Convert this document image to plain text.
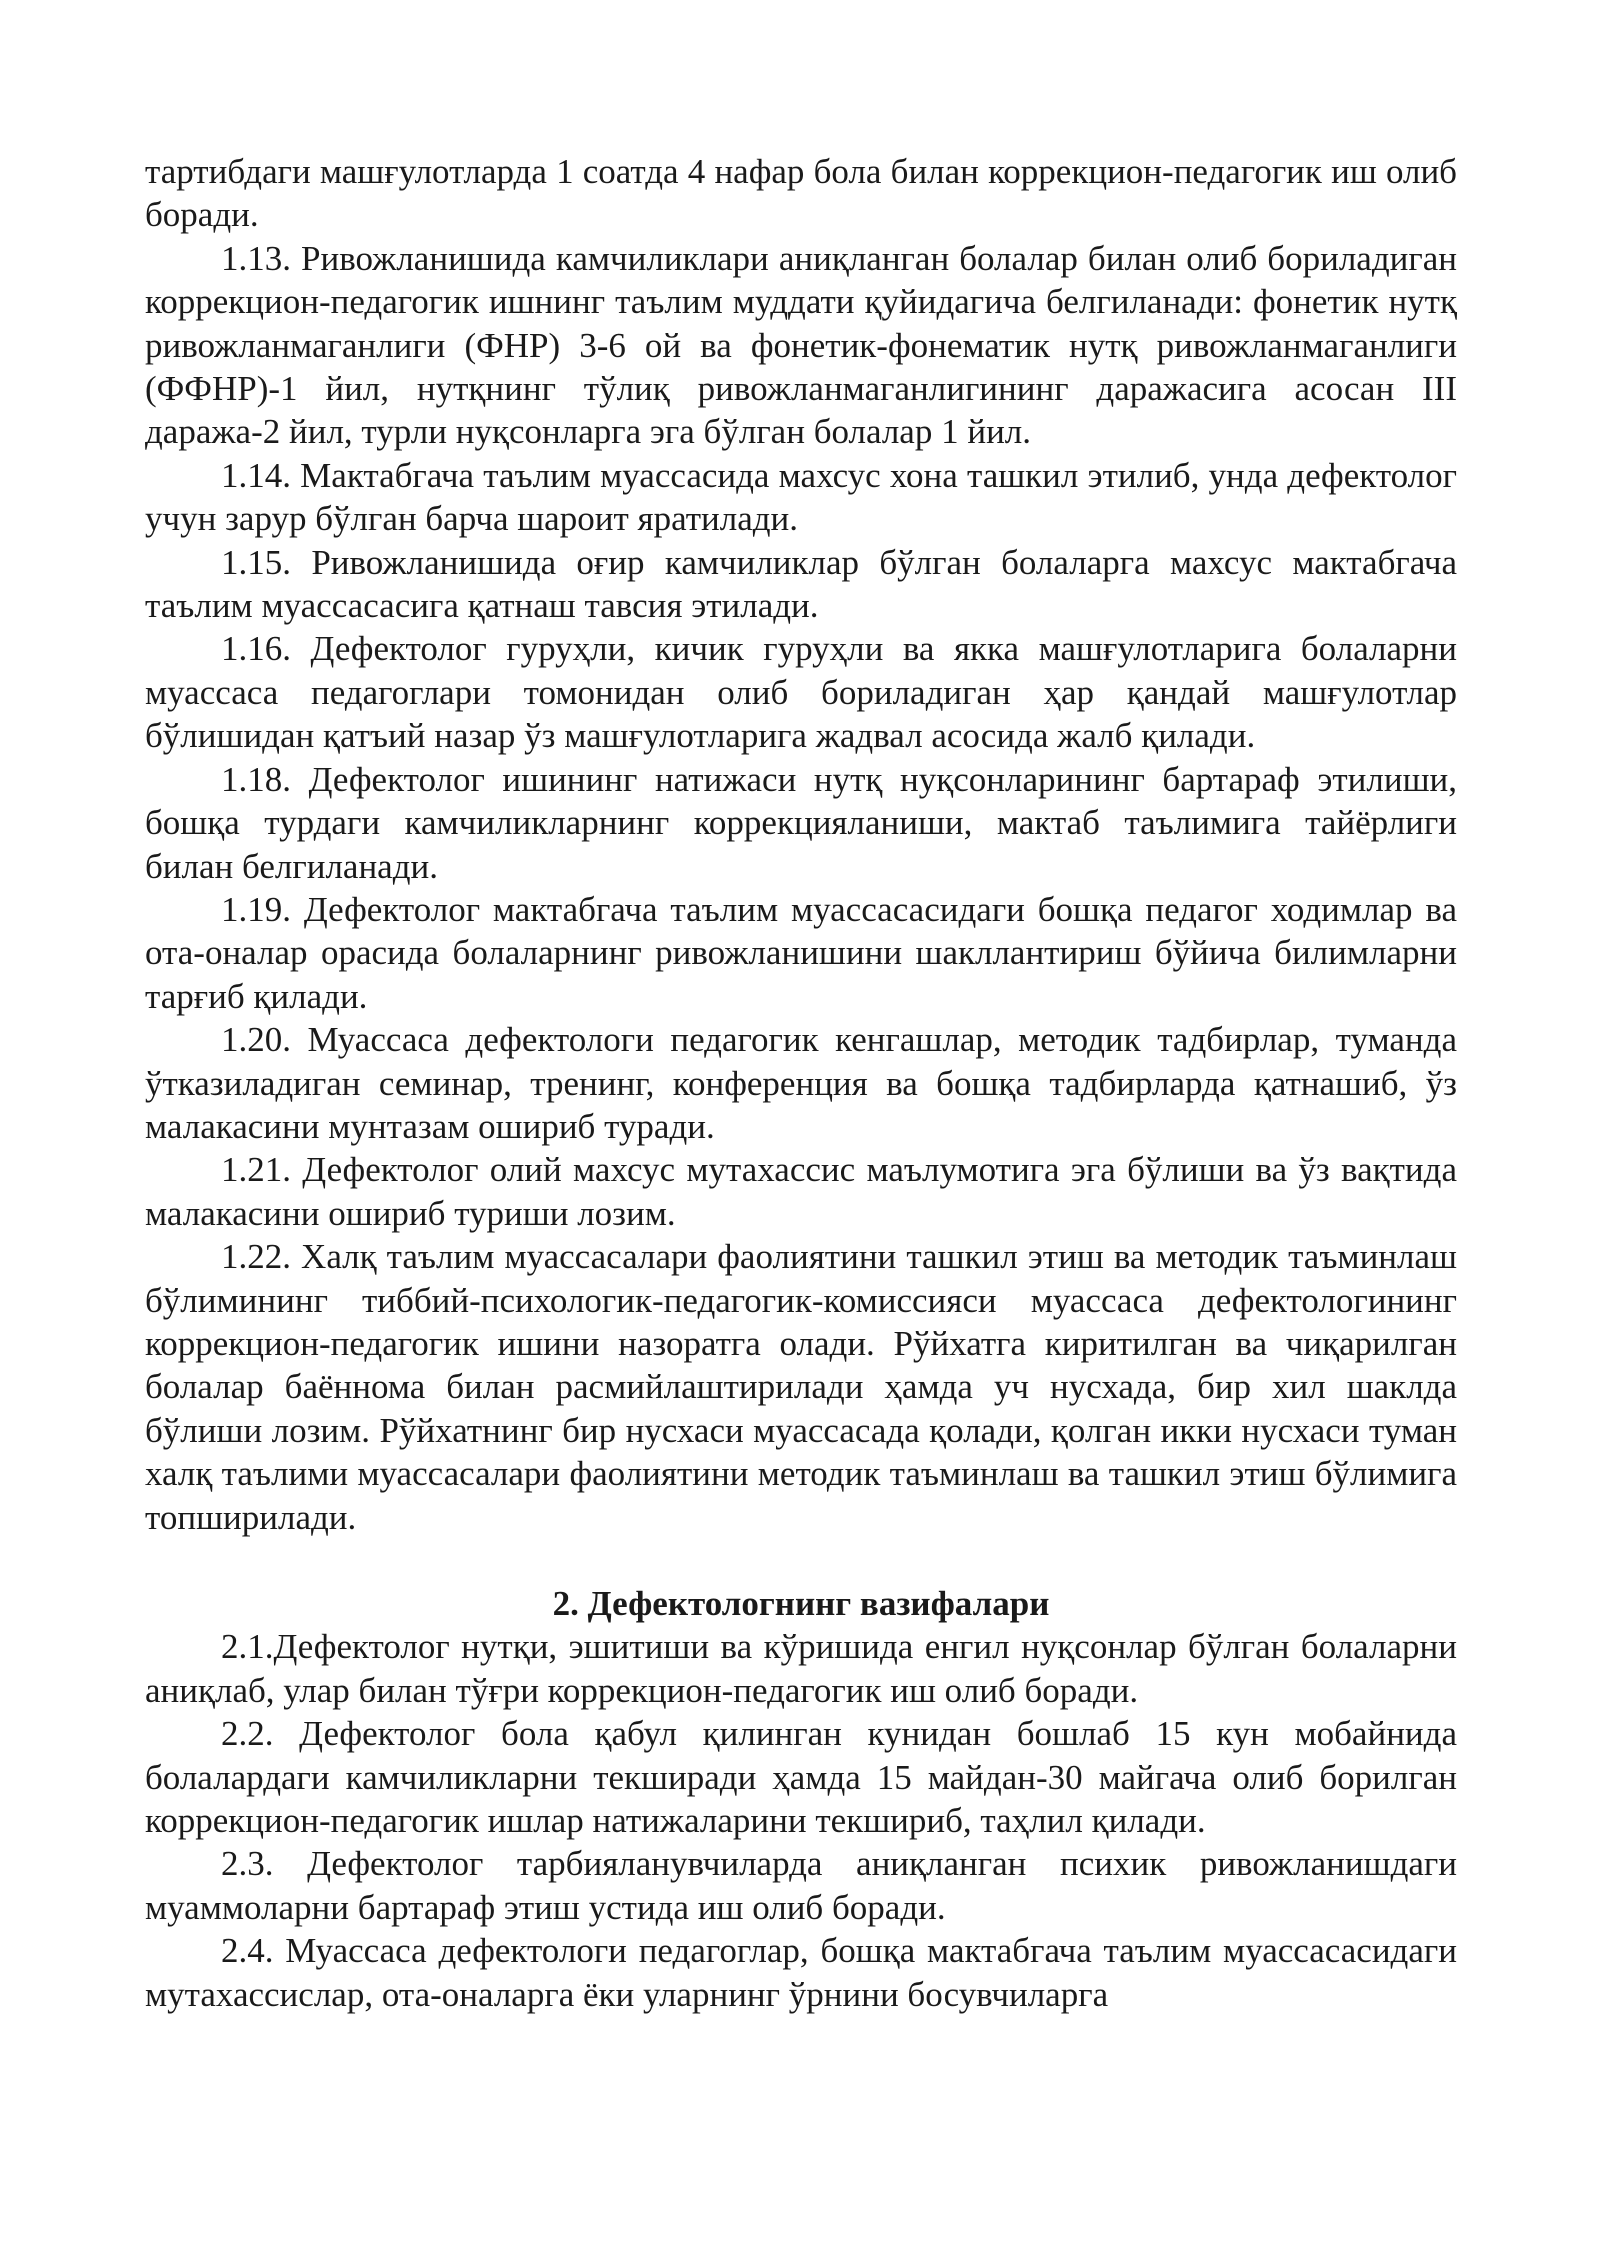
тартибдаги машғулотларда 1 соатда 4 нафар бола билан коррекцион-педагогик иш олиб боради.

1.13. Ривожланишида камчиликлари аниқланган болалар билан олиб бориладиган коррекцион-педагогик ишнинг таълим муддати қуйидагича белгиланади: фонетик нутқ ривожланмаганлиги (ФНР) 3-6 ой ва фонетик-фонематик нутқ ривожланмаганлиги (ФФНР)-1 йил, нутқнинг тўлиқ ривожланмаганлигининг даражасига асосан III даража-2 йил, турли нуқсонларга эга бўлган болалар 1 йил.

1.14. Мактабгача таълим муассасида махсус хона ташкил этилиб, унда дефектолог учун зарур бўлган барча шароит яратилади.

1.15. Ривожланишида оғир камчиликлар бўлган болаларга махсус мактабгача таълим муассасасига қатнаш тавсия этилади.

1.16. Дефектолог гуруҳли, кичик гуруҳли ва якка машғулотларига болаларни муассаса педагоглари томонидан олиб бориладиган ҳар қандай машғулотлар бўлишидан қатъий назар ўз машғулотларига жадвал асосида жалб қилади.

1.18. Дефектолог ишининг натижаси нутқ нуқсонларининг бартараф этилиши, бошқа турдаги камчиликларнинг коррекцияланиши, мактаб таълимига тайёрлиги билан белгиланади.

1.19. Дефектолог мактабгача таълим муассасасидаги бошқа педагог ходимлар ва ота-оналар орасида болаларнинг ривожланишини шакллантириш бўйича билимларни тарғиб қилади.

1.20. Муассаса дефектологи педагогик кенгашлар, методик тадбирлар, туманда ўтказиладиган семинар, тренинг, конференция ва бошқа тадбирларда қатнашиб, ўз малакасини мунтазам ошириб туради.

1.21. Дефектолог олий махсус мутахассис маълумотига эга бўлиши ва ўз вақтида малакасини ошириб туриши лозим.

1.22. Халқ таълим муассасалари фаолиятини ташкил этиш ва методик таъминлаш бўлимининг тиббий-психологик-педагогик-комиссияси муассаса дефектологининг коррекцион-педагогик ишини назоратга олади. Рўйхатга киритилган ва чиқарилган болалар баённома билан расмийлаштирилади ҳамда уч нусхада, бир хил шаклда бўлиши лозим. Рўйхатнинг бир нусхаси муассасада қолади, қолган икки нусхаси туман халқ таълими муассасалари фаолиятини методик таъминлаш ва ташкил этиш бўлимига топширилади.

2. Дефектологнинг вазифалари

2.1.Дефектолог нутқи, эшитиши ва кўришида енгил нуқсонлар бўлган болаларни аниқлаб, улар билан тўғри коррекцион-педагогик иш олиб боради.

2.2. Дефектолог бола қабул қилинган кунидан бошлаб 15 кун мобайнида болалардаги камчиликларни текширади ҳамда 15 майдан-30 майгача олиб борилган коррекцион-педагогик ишлар натижаларини текшириб, таҳлил қилади.

2.3. Дефектолог тарбияланувчиларда аниқланган психик ривожланишдаги муаммоларни бартараф этиш устида иш олиб боради.

2.4. Муассаса дефектологи педагоглар, бошқа мактабгача таълим муассасасидаги мутахассислар, ота-оналарга ёки уларнинг ўрнини босувчиларга
